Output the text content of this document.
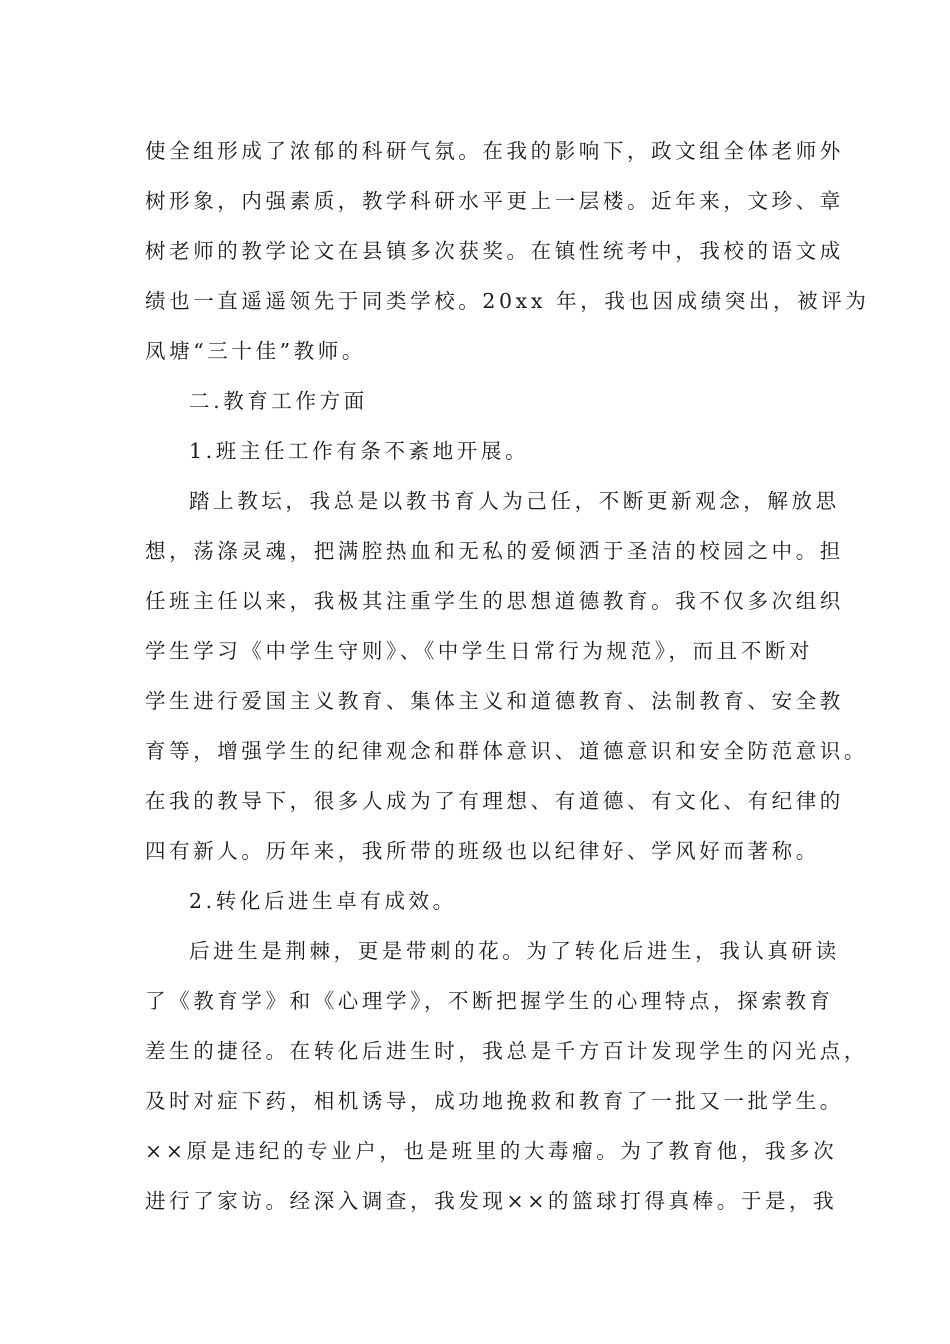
使全组形成了浓郁的科研气氛。在我的影响下，政文组全体老师外
树形象，内强素质，教学科研水平更上一层楼。近年来，文珍、章
树老师的教学论文在县镇多次获奖。在镇性统考中，我校的语文成
绩也一直遥遥领先于同类学校。20xx 年，我也因成绩突出，被评为
凤塘“三十佳”教师。
二.教育工作方面
1.班主任工作有条不紊地开展。
踏上教坛，我总是以教书育人为己任，不断更新观念，解放思
想，荡涤灵魂，把满腔热血和无私的爱倾洒于圣洁的校园之中。担
任班主任以来，我极其注重学生的思想道德教育。我不仅多次组织
学生学习《中学生守则》、《中学生日常行为规范》，而且不断对
学生进行爱国主义教育、集体主义和道德教育、法制教育、安全教
育等，增强学生的纪律观念和群体意识、道德意识和安全防范意识。
在我的教导下，很多人成为了有理想、有道德、有文化、有纪律的
四有新人。历年来，我所带的班级也以纪律好、学风好而著称。
2.转化后进生卓有成效。
后进生是荆棘，更是带刺的花。为了转化后进生，我认真研读
了《教育学》和《心理学》，不断把握学生的心理特点，探索教育
差生的捷径。在转化后进生时，我总是千方百计发现学生的闪光点，
及时对症下药，相机诱导，成功地挽救和教育了一批又一批学生。
××原是违纪的专业户，也是班里的大毒瘤。为了教育他，我多次
进行了家访。经深入调查，我发现××的篮球打得真棒。于是，我
